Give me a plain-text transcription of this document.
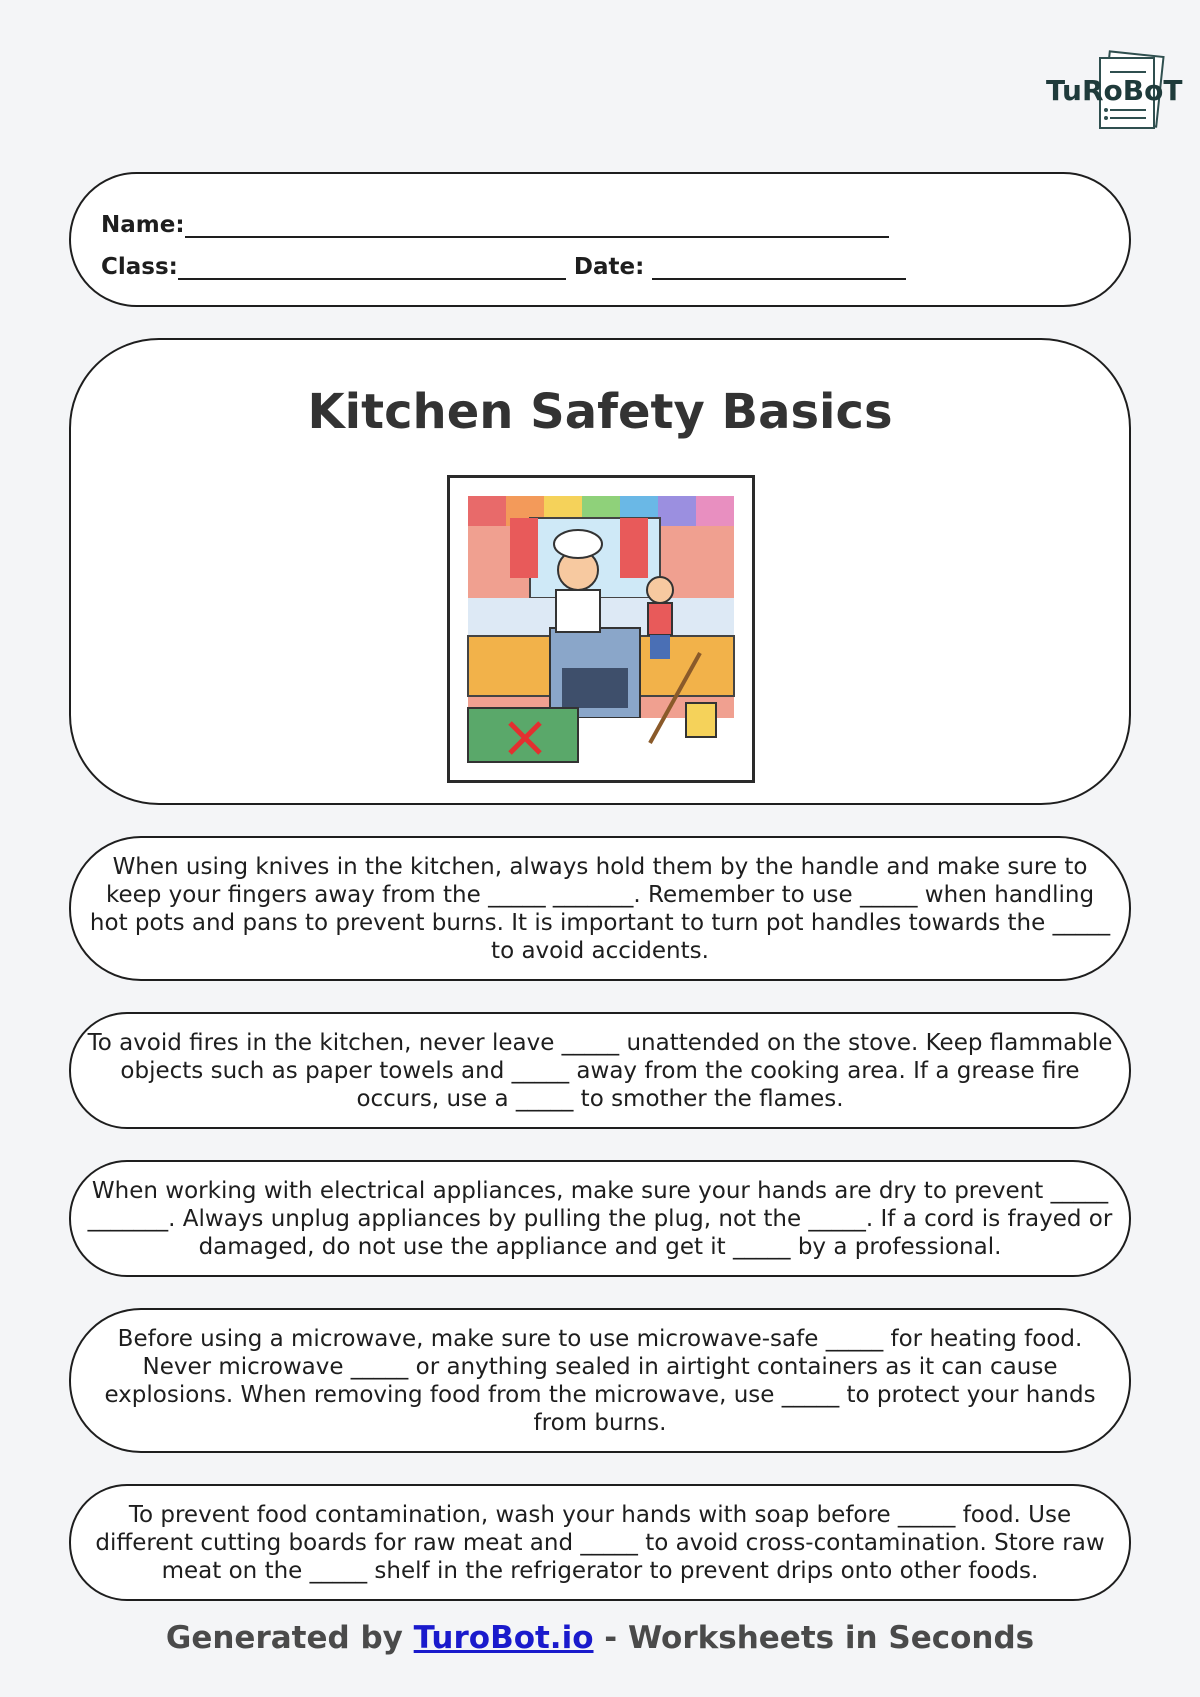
TuRoBoT
Name:
Class:	Date:
Kitchen Safety Basics
When using knives in the kitchen, always hold them by the handle and make sure to keep your fingers away from the _____ _______. Remember to use _____ when handling hot pots and pans to prevent burns. It is important to turn pot handles towards the _____ to avoid accidents.
To avoid fires in the kitchen, never leave _____ unattended on the stove. Keep flammable objects such as paper towels and _____ away from the cooking area. If a grease fire occurs, use a _____ to smother the flames.
When working with electrical appliances, make sure your hands are dry to prevent _____ _______. Always unplug appliances by pulling the plug, not the _____. If a cord is frayed or damaged, do not use the appliance and get it _____ by a professional.
Before using a microwave, make sure to use microwave-safe _____ for heating food. Never microwave _____ or anything sealed in airtight containers as it can cause explosions. When removing food from the microwave, use _____ to protect your hands from burns.
To prevent food contamination, wash your hands with soap before _____ food. Use different cutting boards for raw meat and _____ to avoid cross-contamination. Store raw meat on the _____ shelf in the refrigerator to prevent drips onto other foods.
Generated by TuroBot.io - Worksheets in Seconds
